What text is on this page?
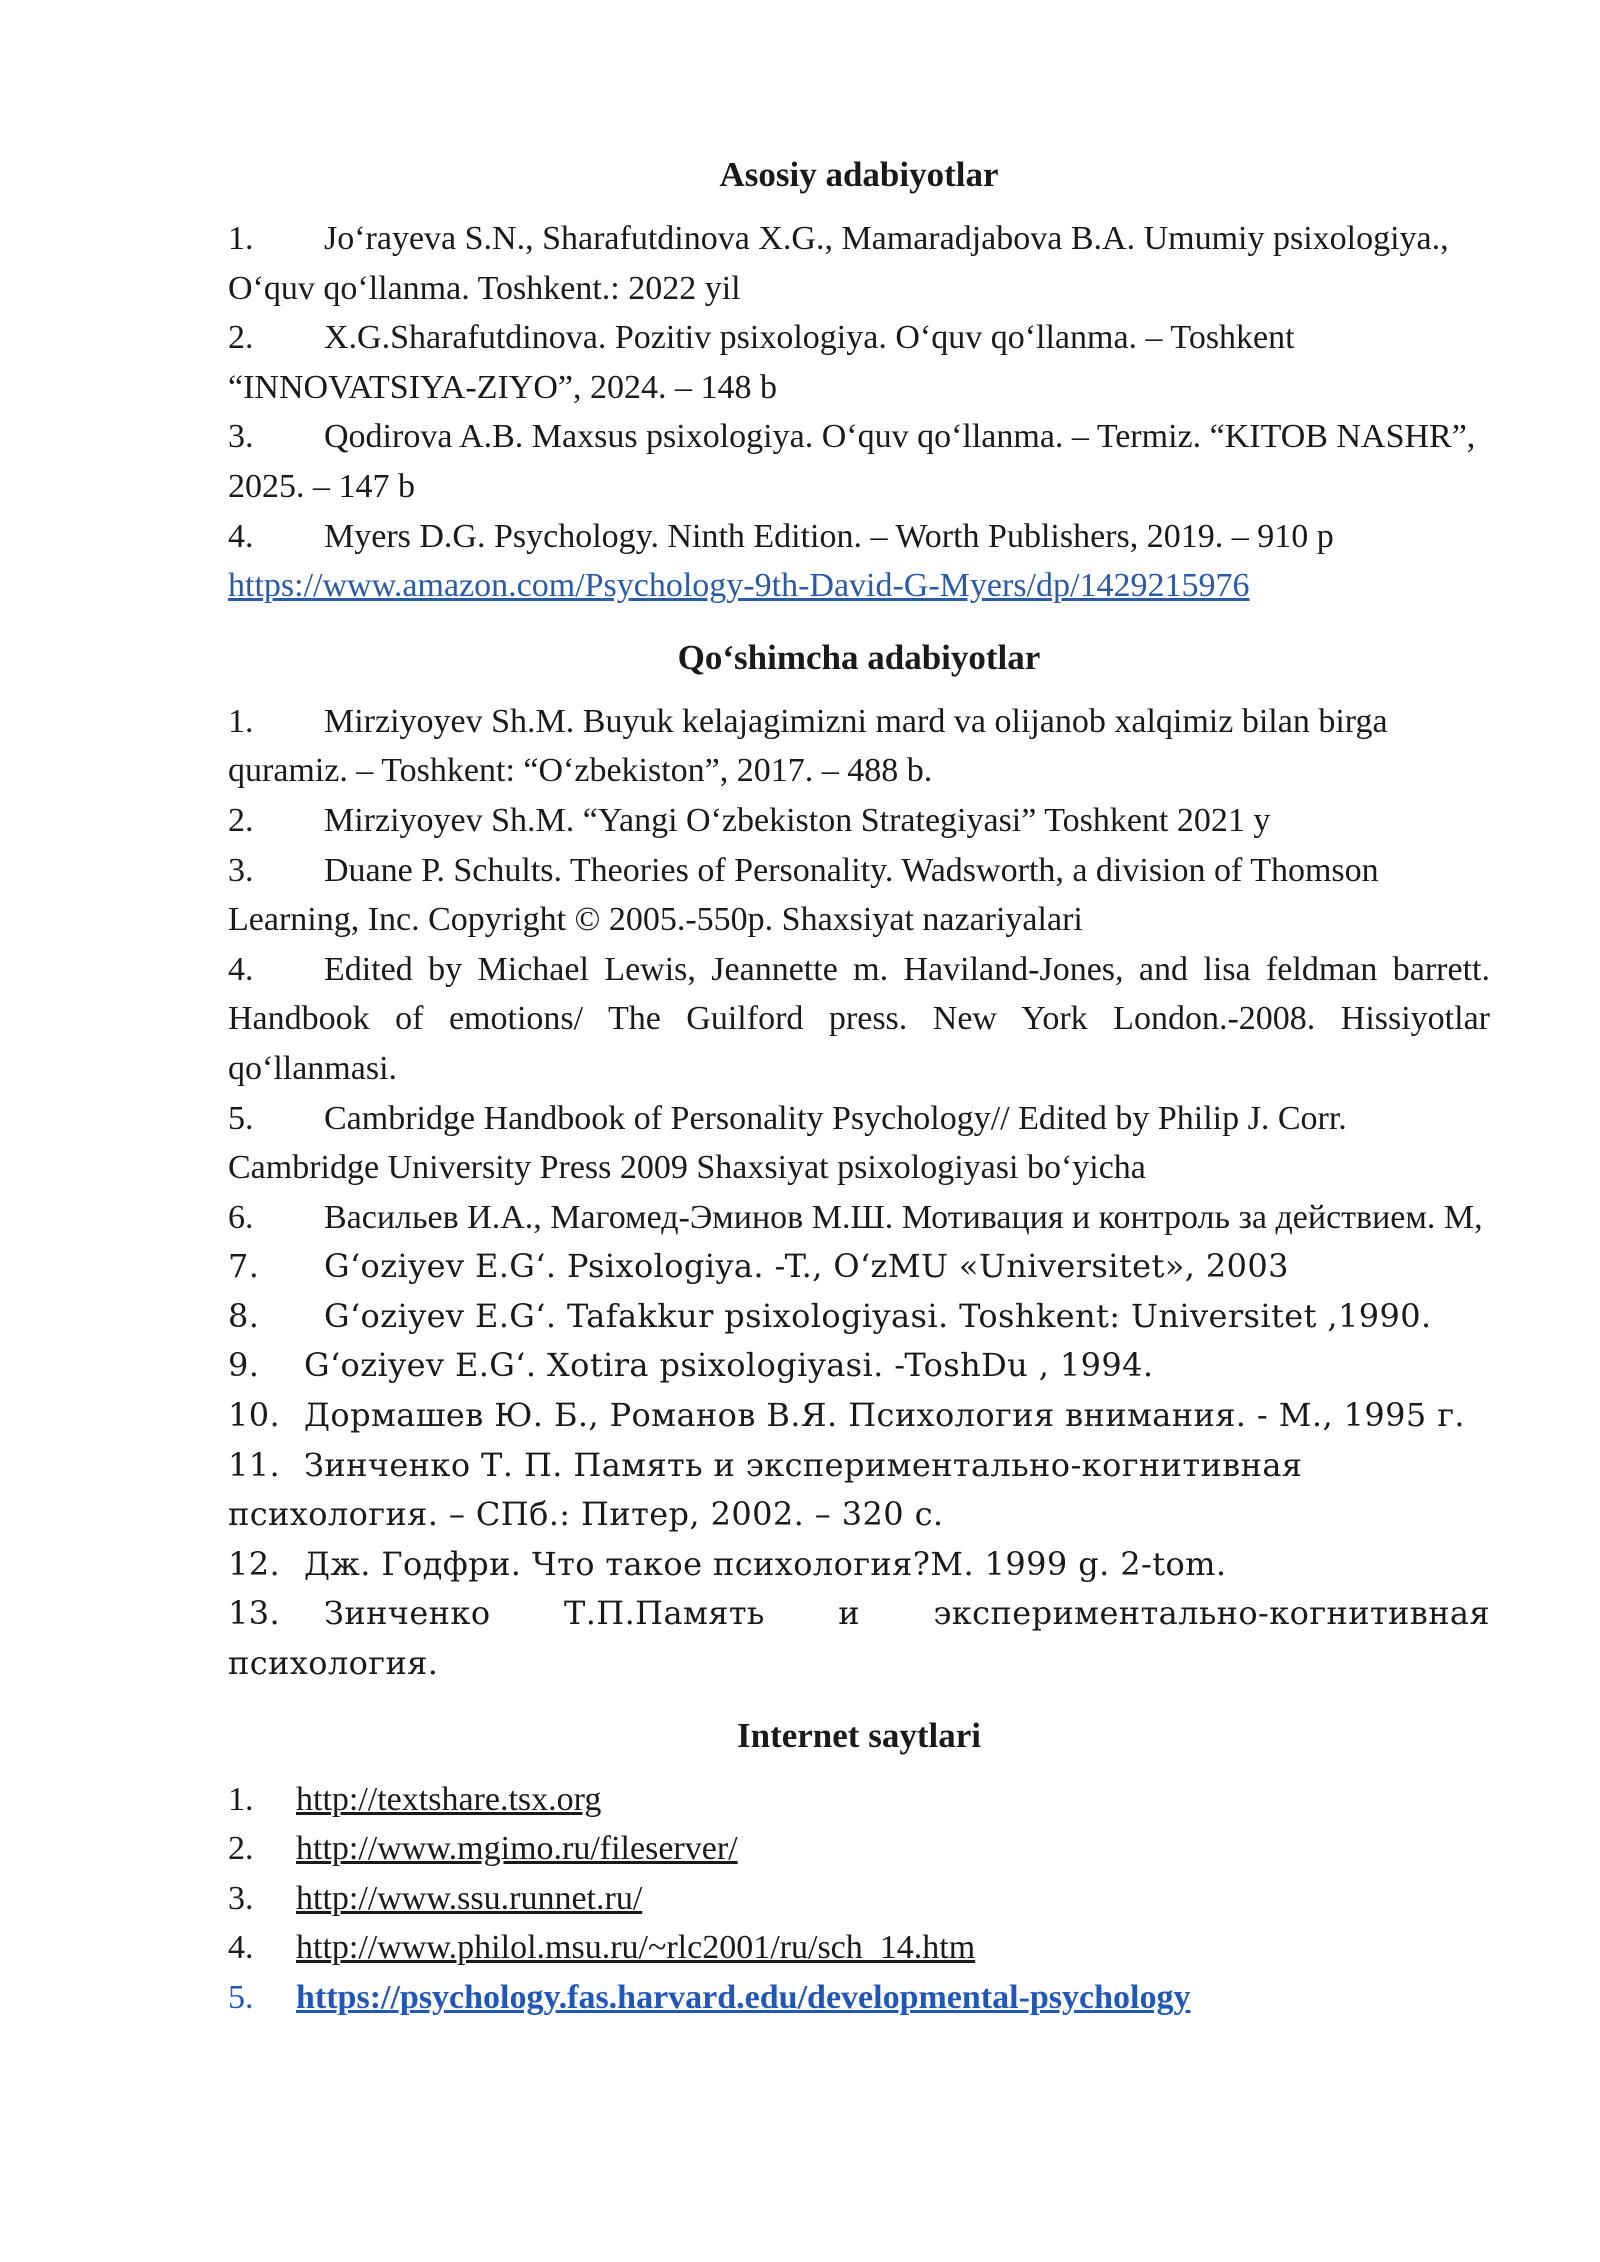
Asosiy adabiyotlar

1. Jo‘rayeva S.N., Sharafutdinova X.G., Mamaradjabova B.A. Umumiy psixologiya., O‘quv qo‘llanma. Toshkent.: 2022 yil

2. X.G.Sharafutdinova. Pozitiv psixologiya. O‘quv qo‘llanma. – Toshkent “INNOVATSIYA-ZIYO”, 2024. – 148 b

3. Qodirova A.B. Maxsus psixologiya. O‘quv qo‘llanma. – Termiz. “KITOB NASHR”, 2025. – 147 b

4. Myers D.G. Psychology. Ninth Edition. – Worth Publishers, 2019. – 910 p
https://www.amazon.com/Psychology-9th-David-G-Myers/dp/1429215976

Qo‘shimcha adabiyotlar

1. Mirziyoyev Sh.M. Buyuk kelajagimizni mard va olijanob xalqimiz bilan birga quramiz. – Toshkent: “O‘zbekiston”, 2017. – 488 b.

2. Mirziyoyev Sh.M. “Yangi O‘zbekiston Strategiyasi” Toshkent 2021 y

3. Duane P. Schults. Theories of Personality. Wadsworth, a division of Thomson Learning, Inc. Copyright © 2005.-550p. Shaxsiyat nazariyalari

4. Edited by Michael Lewis, Jeannette m. Haviland-Jones, and lisa feldman barrett. Handbook of emotions/ The Guilford press. New York London.-2008. Hissiyotlar qo‘llanmasi.

5. Cambridge Handbook of Personality Psychology// Edited by Philip J. Corr. Cambridge University Press 2009 Shaxsiyat psixologiyasi bo‘yicha

6. Васильев И.А., Магомед-Эминов М.Ш. Мотивация и контроль за действием. М,

7. G‘oziyev E.G‘. Psixologiya. -T., O‘zMU «Universitet», 2003

8. G‘oziyev E.G‘. Tafakkur psixologiyasi. Toshkent: Universitet ,1990.

9. G‘oziyev E.G‘. Xotira psixologiyasi. -ToshDu , 1994.

10. Дормашев Ю. Б., Романов В.Я. Психология внимания. - М., 1995 г.

11. Зинченко Т. П. Память и экспериментально-когнитивная психология. – СПб.: Питер, 2002. – 320 с.

12. Дж. Годфри. Что такое психология?М. 1999 g. 2-tom.

13. Зинченко Т.П.Память и экспериментально-когнитивная психология.

Internet saytlari

1. http://textshare.tsx.org

2. http://www.mgimo.ru/fileserver/

3. http://www.ssu.runnet.ru/

4. http://www.philol.msu.ru/~rlc2001/ru/sch_14.htm

5. https://psychology.fas.harvard.edu/developmental-psychology
